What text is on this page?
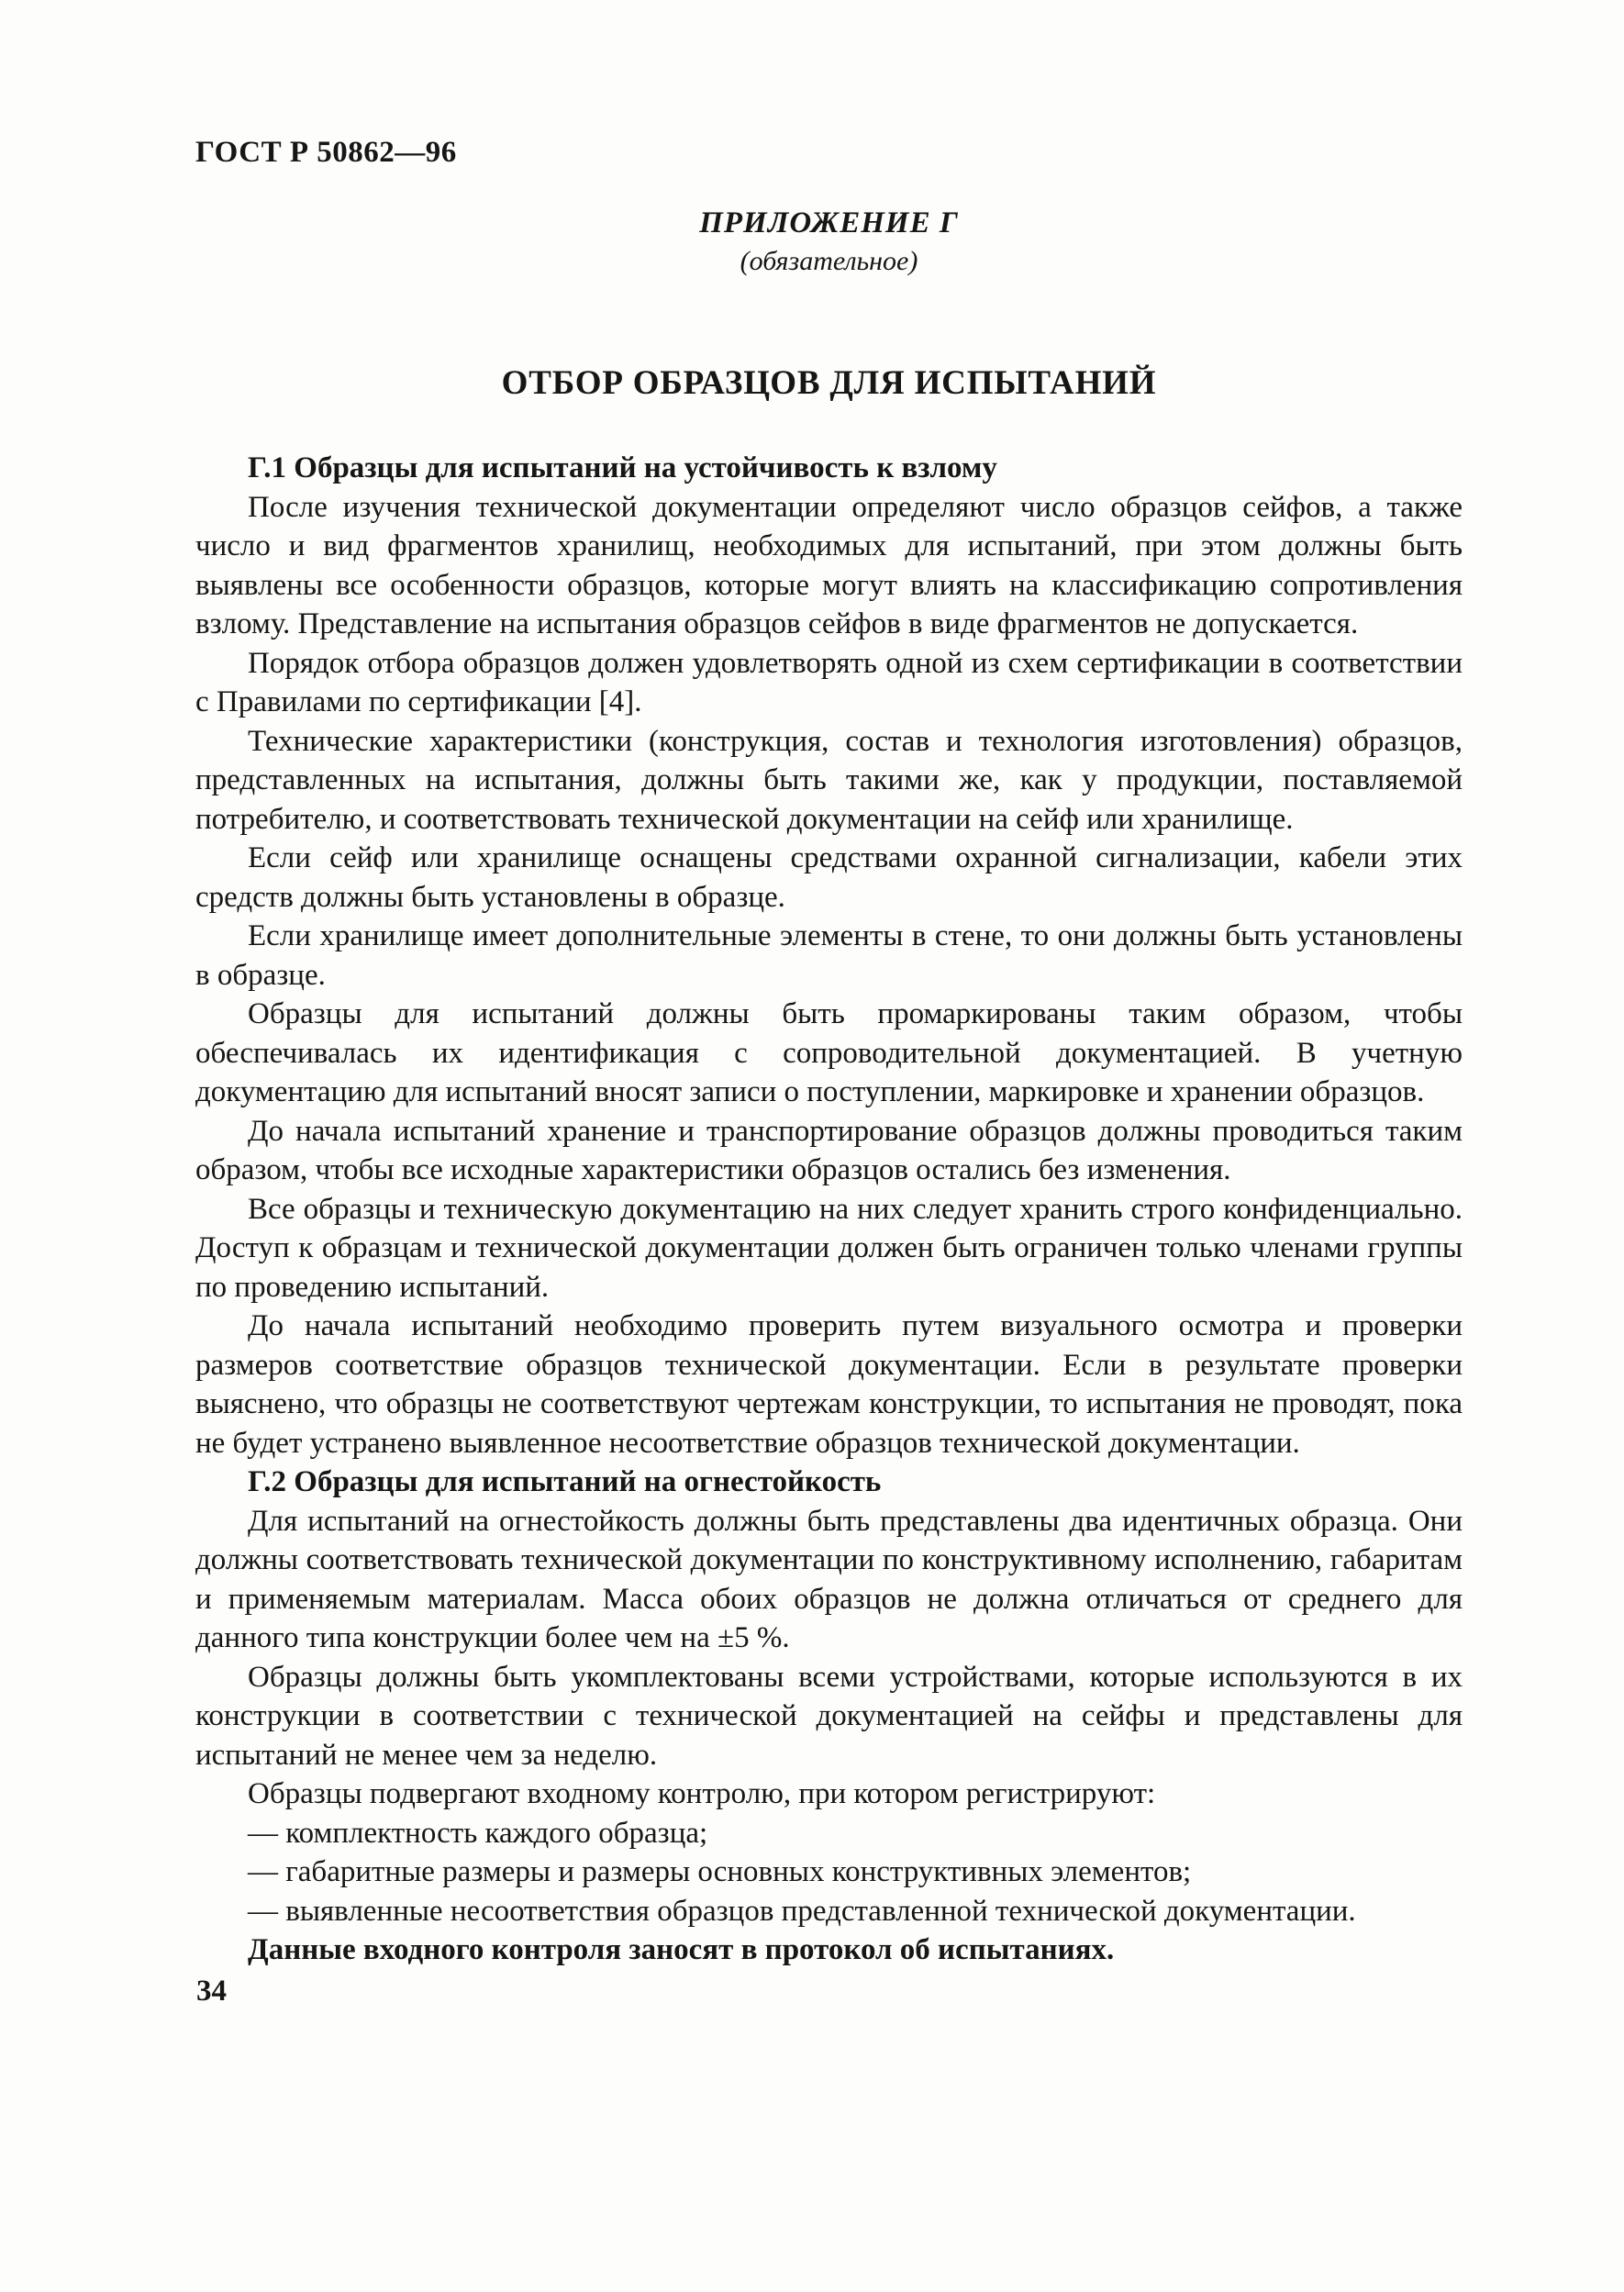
ГОСТ Р 50862—96
ПРИЛОЖЕНИЕ Г
(обязательное)
ОТБОР ОБРАЗЦОВ ДЛЯ ИСПЫТАНИЙ

Г.1 Образцы для испытаний на устойчивость к взлому

После изучения технической документации определяют число образцов сейфов, а также число и вид фрагментов хранилищ, необходимых для испытаний, при этом должны быть выявлены все особенности образцов, которые могут влиять на классификацию сопротивления взлому. Представление на испытания образцов сейфов в виде фрагментов не допускается.

Порядок отбора образцов должен удовлетворять одной из схем сертификации в соответствии с Правилами по сертификации [4].

Технические характеристики (конструкция, состав и технология изготовления) образцов, представленных на испытания, должны быть такими же, как у продукции, поставляемой потребителю, и соответствовать технической документации на сейф или хранилище.

Если сейф или хранилище оснащены средствами охранной сигнализации, кабели этих средств должны быть установлены в образце.

Если хранилище имеет дополнительные элементы в стене, то они должны быть установлены в образце.

Образцы для испытаний должны быть промаркированы таким образом, чтобы обеспечивалась их идентификация с сопроводительной документацией. В учетную документацию для испытаний вносят записи о поступлении, маркировке и хранении образцов.

До начала испытаний хранение и транспортирование образцов должны проводиться таким образом, чтобы все исходные характеристики образцов остались без изменения.

Все образцы и техническую документацию на них следует хранить строго конфиденциально. Доступ к образцам и технической документации должен быть ограничен только членами группы по проведению испытаний.

До начала испытаний необходимо проверить путем визуального осмотра и проверки размеров соответствие образцов технической документации. Если в результате проверки выяснено, что образцы не соответствуют чертежам конструкции, то испытания не проводят, пока не будет устранено выявленное несоответствие образцов технической документации.

Г.2 Образцы для испытаний на огнестойкость

Для испытаний на огнестойкость должны быть представлены два идентичных образца. Они должны соответствовать технической документации по конструктивному исполнению, габаритам и применяемым материалам. Масса обоих образцов не должна отличаться от среднего для данного типа конструкции более чем на ±5 %.

Образцы должны быть укомплектованы всеми устройствами, которые используются в их конструкции в соответствии с технической документацией на сейфы и представлены для испытаний не менее чем за неделю.

Образцы подвергают входному контролю, при котором регистрируют:

— комплектность каждого образца;

— габаритные размеры и размеры основных конструктивных элементов;

— выявленные несоответствия образцов представленной технической документации.

Данные входного контроля заносят в протокол об испытаниях.

34
